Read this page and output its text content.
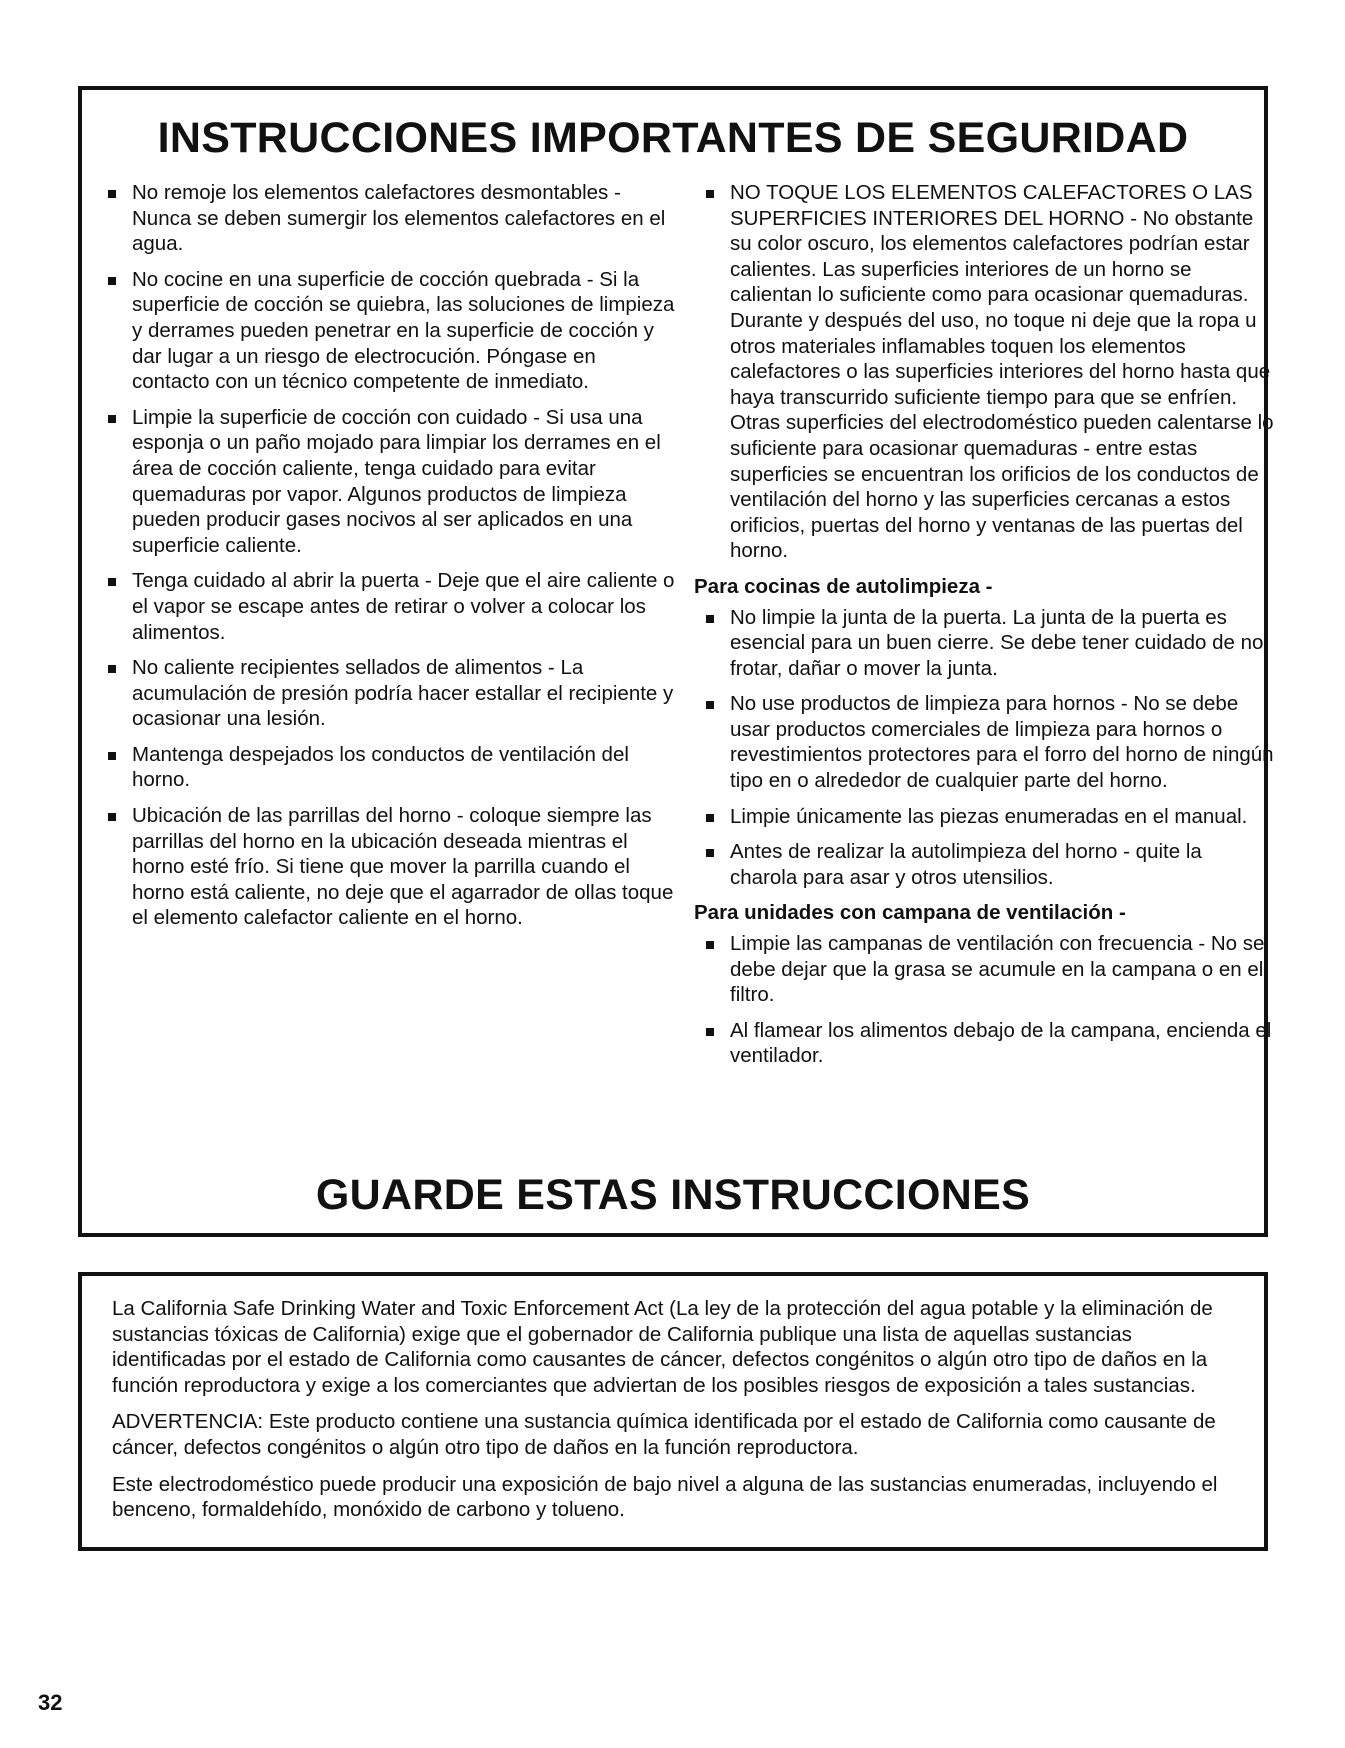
INSTRUCCIONES IMPORTANTES DE SEGURIDAD
No remoje los elementos calefactores desmontables - Nunca se deben sumergir los elementos calefactores en el agua.
No cocine en una superficie de cocción quebrada - Si la superficie de cocción se quiebra, las soluciones de limpieza y derrames pueden penetrar en la superficie de cocción y dar lugar a un riesgo de electrocución. Póngase en contacto con un técnico competente de inmediato.
Limpie la superficie de cocción con cuidado - Si usa una esponja o un paño mojado para limpiar los derrames en el área de cocción caliente, tenga cuidado para evitar quemaduras por vapor. Algunos productos de limpieza pueden producir gases nocivos al ser aplicados en una superficie caliente.
Tenga cuidado al abrir la puerta - Deje que el aire caliente o el vapor se escape antes de retirar o volver a colocar los alimentos.
No caliente recipientes sellados de alimentos - La acumulación de presión podría hacer estallar el recipiente y ocasionar una lesión.
Mantenga despejados los conductos de ventilación del horno.
Ubicación de las parrillas del horno - coloque siempre las parrillas del horno en la ubicación deseada mientras el horno esté frío. Si tiene que mover la parrilla cuando el horno está caliente, no deje que el agarrador de ollas toque el elemento calefactor caliente en el horno.
NO TOQUE LOS ELEMENTOS CALEFACTORES O LAS SUPERFICIES INTERIORES DEL HORNO - No obstante su color oscuro, los elementos calefactores podrían estar calientes. Las superficies interiores de un horno se calientan lo suficiente como para ocasionar quemaduras. Durante y después del uso, no toque ni deje que la ropa u otros materiales inflamables toquen los elementos calefactores o las superficies interiores del horno hasta que haya transcurrido suficiente tiempo para que se enfríen. Otras superficies del electrodoméstico pueden calentarse lo suficiente para ocasionar quemaduras - entre estas superficies se encuentran los orificios de los conductos de ventilación del horno y las superficies cercanas a estos orificios, puertas del horno y ventanas de las puertas del horno.
Para cocinas de autolimpieza -
No limpie la junta de la puerta. La junta de la puerta es esencial para un buen cierre. Se debe tener cuidado de no frotar, dañar o mover la junta.
No use productos de limpieza para hornos - No se debe usar productos comerciales de limpieza para hornos o revestimientos protectores para el forro del horno de ningún tipo en o alrededor de cualquier parte del horno.
Limpie únicamente las piezas enumeradas en el manual.
Antes de realizar la autolimpieza del horno - quite la charola para asar y otros utensilios.
Para unidades con campana de ventilación -
Limpie las campanas de ventilación con frecuencia - No se debe dejar que la grasa se acumule en la campana o en el filtro.
Al flamear los alimentos debajo de la campana, encienda el ventilador.
GUARDE ESTAS INSTRUCCIONES

La California Safe Drinking Water and Toxic Enforcement Act (La ley de la protección del agua potable y la eliminación de sustancias tóxicas de California) exige que el gobernador de California publique una lista de aquellas sustancias identificadas por el estado de California como causantes de cáncer, defectos congénitos o algún otro tipo de daños en la función reproductora y exige a los comerciantes que adviertan de los posibles riesgos de exposición a tales sustancias.

ADVERTENCIA: Este producto contiene una sustancia química identificada por el estado de California como causante de cáncer, defectos congénitos o algún otro tipo de daños en la función reproductora.

Este electrodoméstico puede producir una exposición de bajo nivel a alguna de las sustancias enumeradas, incluyendo el benceno, formaldehído, monóxido de carbono y tolueno.

32
